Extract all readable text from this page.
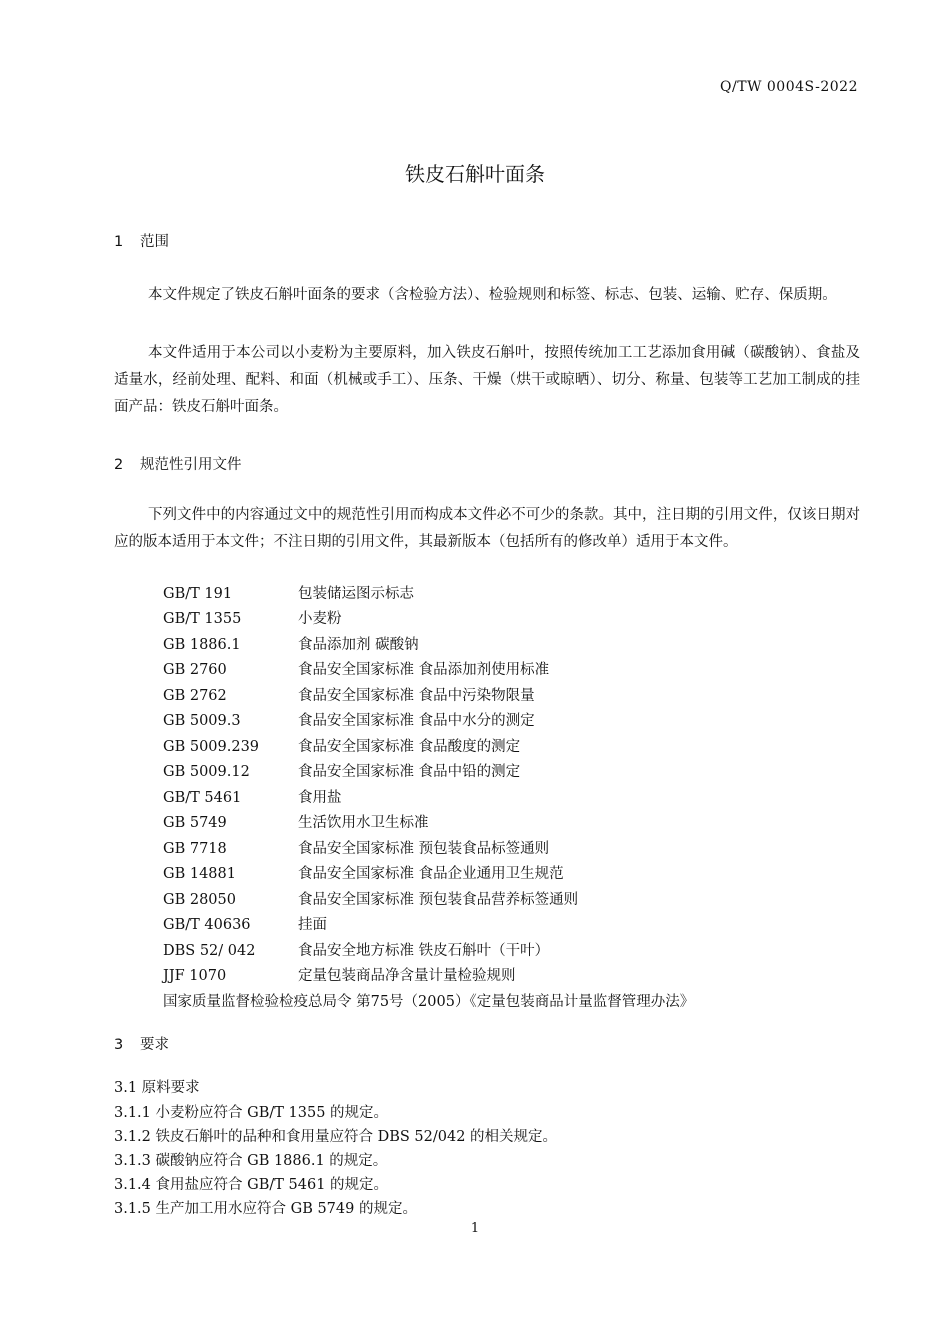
Q/TW 0004S-2022
铁皮石斛叶面条
1 范围
本文件规定了铁皮石斛叶面条的要求（含检验方法）、检验规则和标签、标志、包装、运输、贮存、保质期。
本文件适用于本公司以小麦粉为主要原料，加入铁皮石斛叶，按照传统加工工艺添加食用碱（碳酸钠）、食盐及适量水，经前处理、配料、和面（机械或手工）、压条、干燥（烘干或晾晒）、切分、称量、包装等工艺加工制成的挂面产品：铁皮石斛叶面条。
2 规范性引用文件
下列文件中的内容通过文中的规范性引用而构成本文件必不可少的条款。其中，注日期的引用文件，仅该日期对应的版本适用于本文件；不注日期的引用文件，其最新版本（包括所有的修改单）适用于本文件。
GB/T 191	包装储运图示标志
GB/T 1355	小麦粉
GB 1886.1	食品添加剂 碳酸钠
GB 2760	食品安全国家标准 食品添加剂使用标准
GB 2762	食品安全国家标准 食品中污染物限量
GB 5009.3	食品安全国家标准 食品中水分的测定
GB 5009.239	食品安全国家标准 食品酸度的测定
GB 5009.12	食品安全国家标准 食品中铅的测定
GB/T 5461	食用盐
GB 5749	生活饮用水卫生标准
GB 7718	食品安全国家标准 预包装食品标签通则
GB 14881	食品安全国家标准 食品企业通用卫生规范
GB 28050	食品安全国家标准 预包装食品营养标签通则
GB/T 40636	挂面
DBS 52/ 042	食品安全地方标准 铁皮石斛叶（干叶）
JJF 1070	定量包装商品净含量计量检验规则
国家质量监督检验检疫总局令 第75号（2005）《定量包装商品计量监督管理办法》
3 要求
3.1 原料要求
3.1.1 小麦粉应符合 GB/T 1355 的规定。
3.1.2 铁皮石斛叶的品种和食用量应符合 DBS 52/042 的相关规定。
3.1.3 碳酸钠应符合 GB 1886.1 的规定。
3.1.4 食用盐应符合 GB/T 5461 的规定。
3.1.5 生产加工用水应符合 GB 5749 的规定。
1
